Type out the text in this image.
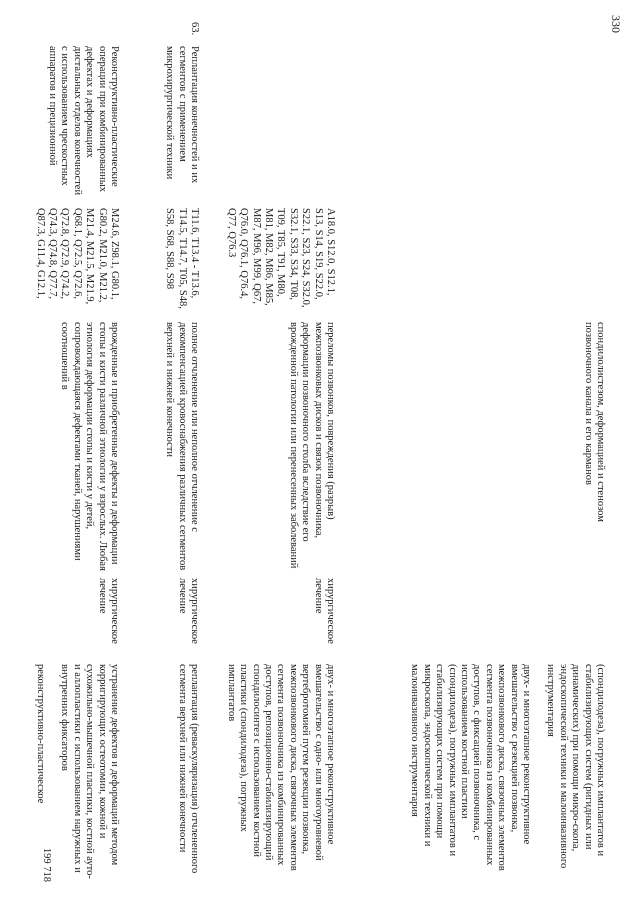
330
спондилолистезом, деформацией и стенозом позвоночного канала и его карманов
(спондилодеза), погружных имплантатов и стабилизирующих систем (ригидных или динамических) при помощи микро-скопа, эндоскопической техники и малоинвазивного инструментария
двух- и многоэтапное реконструктивное вмешательство с резекцией позвонка, межпозвонкового диска, связочных элементов сегмента позвоночника из комбинированных доступов, с фиксацией позвоночника, с использованием костной пластики (спондилодеза), погружных имплантатов и стабилизирующих систем при помощи микроскопа, эндоскопической техники и малоинвазивного инструментария
A18.0, S12.0, S12.1, S13, S14, S19, S22.0, S22.1, S23, S24, S32.0, S32.1, S33, S34, T08, T09, T85, T91, M80, M81, M82, M86, M85, M87, M96, M99, Q67, Q76.0, Q76.1, Q76.4, Q77, Q76.3
переломы позвонков, повреждения (разрыв) межпозвонковых дисков и связок позвоночника, деформации позвоночного столба вследствие его врожденной патологии или перенесенных заболеваний
хирургическое лечение
двух- и многоэтапное реконструктивное вмешательство с одно- или многоуровневой вертебротомией путем резекции позвонка, межпозвонкового диска, связочных элементов сегмента позвоночника из комбинированных доступов, репозиционно-стабилизирующий спондилосинтез с использованием костной пластики (спондилодеза), погружных имплантатов
63.
Реплантация конечностей и их сегментов с применением микрохирургической техники
T11.6, T13.4 - T13.6, T14.5, T14.7, T05, S48, S58, S68, S88, S98
полное отчленение или неполное отчленение с декомпенсацией кровоснабжения различных сегментов верхней и нижней конечности
хирургическое лечение
реплантация (реваскуляризация) отчлененного сегмента верхней или нижней конечности
Реконструктивно-пластические операции при комбинированных дефектах и деформациях дистальных отделов конечностей с использованием чрескостных аппаратов и прецизионной
M24.6, Z98.1, G80.1, G80.2, M21.0, M21.2, M21.4, M21.5, M21.9, Q68.1, Q72.5, Q72.6, Q72.8, Q72.9, Q74.2, Q74.3, Q74.8, Q77.7, Q87.3, G11.4, G12.1,
врожденные и приобретенные дефекты и деформации стопы и кисти различной этиологии у взрослых. Любая этиология деформации стопы и кисти у детей, сопровождающаяся дефектами тканей, нарушениями соотношений в
хирургическое лечение
устранение дефектов и деформаций методом корригирующих остеотомии, кожной и сухожильно-мышечной пластики, костной ауто- и аллопластики с использованием наружных и внутренних фиксаторов
реконструктивно-пластическое
199 718
